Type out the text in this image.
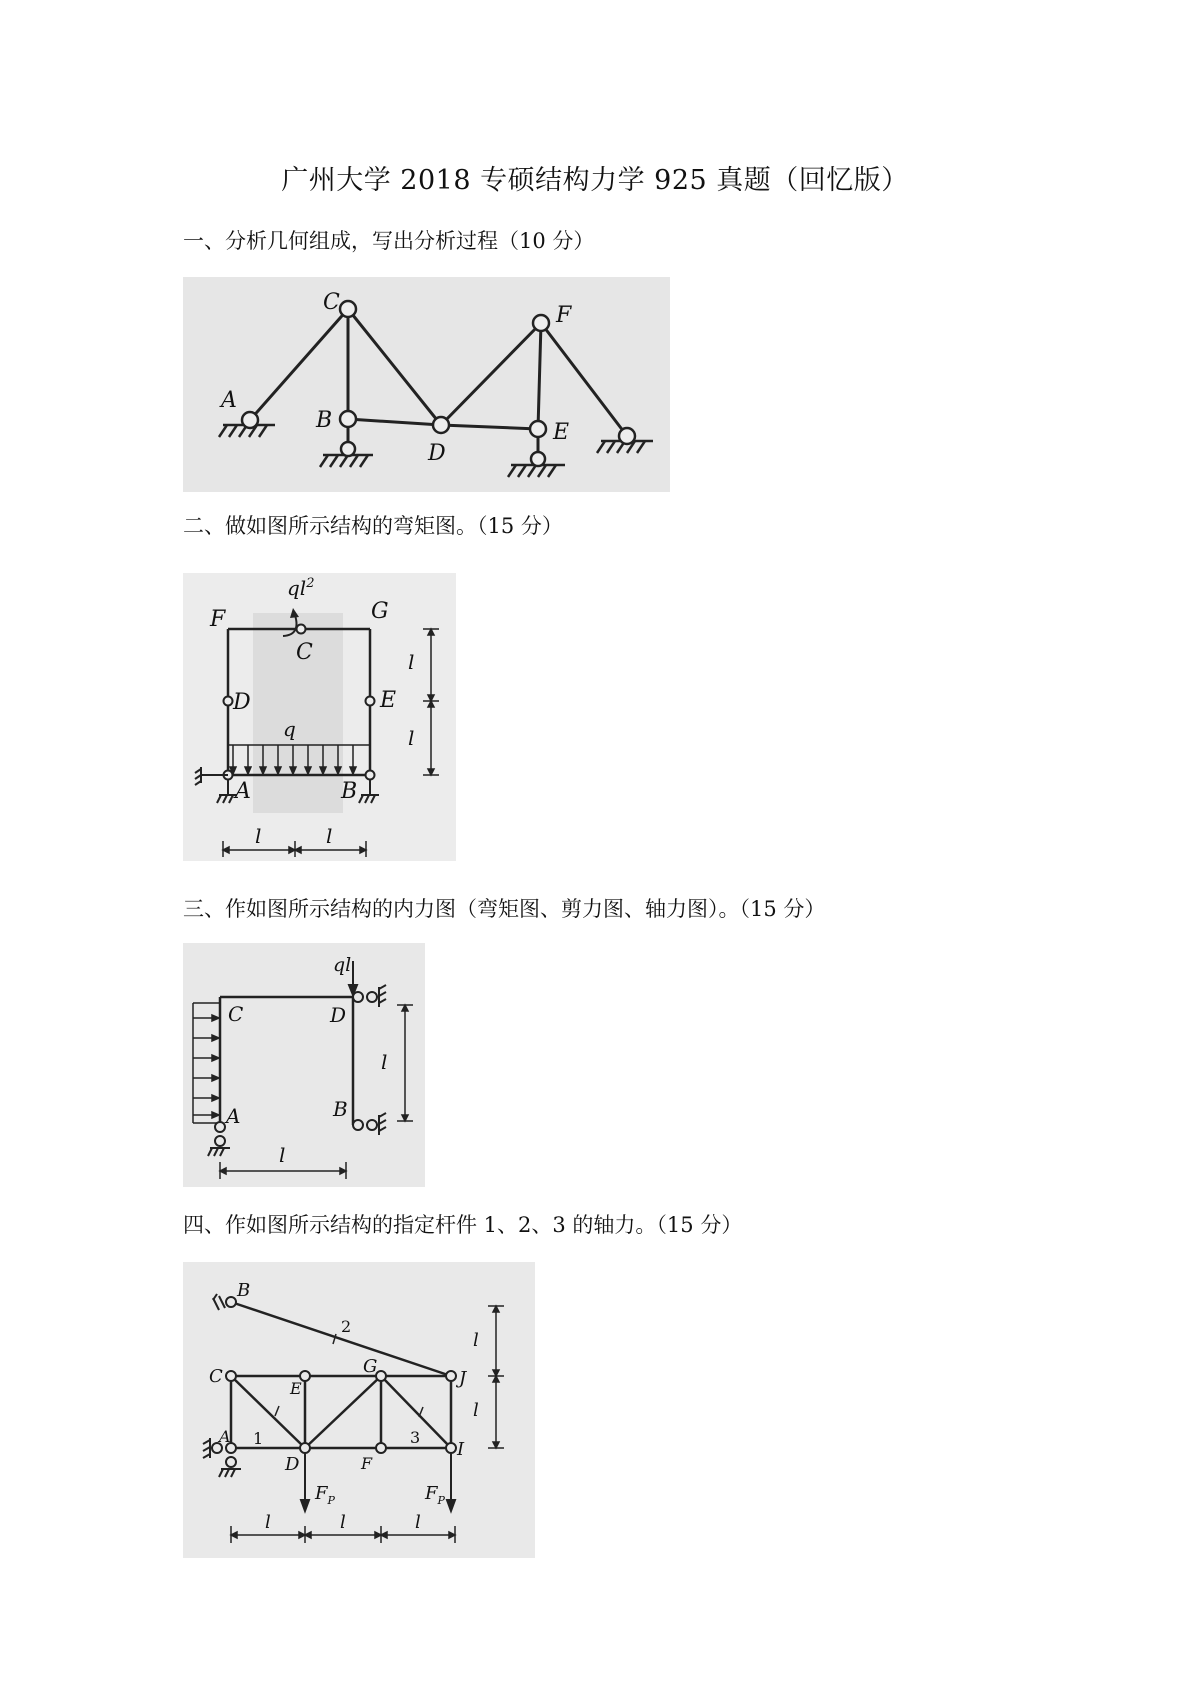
广州大学 2018 专硕结构力学 925 真题（回忆版）
一、分析几何组成，写出分析过程（10 分）
A
B
C
D
E
F
二、做如图所示结构的弯矩图。（15 分）
F	G
C
D	E
A	B
$ql^2$
q
l
l
l	l
三、作如图所示结构的内力图（弯矩图、剪力图、轴力图）。（15 分）
C	D
A	B
ql
l
l
四、作如图所示结构的指定杆件 1、2、3 的轴力。（15 分）
B
C
E
G
J
A
D	F
I
1
2
3
$F_P$	$F_P$
l
l
l	l	l
